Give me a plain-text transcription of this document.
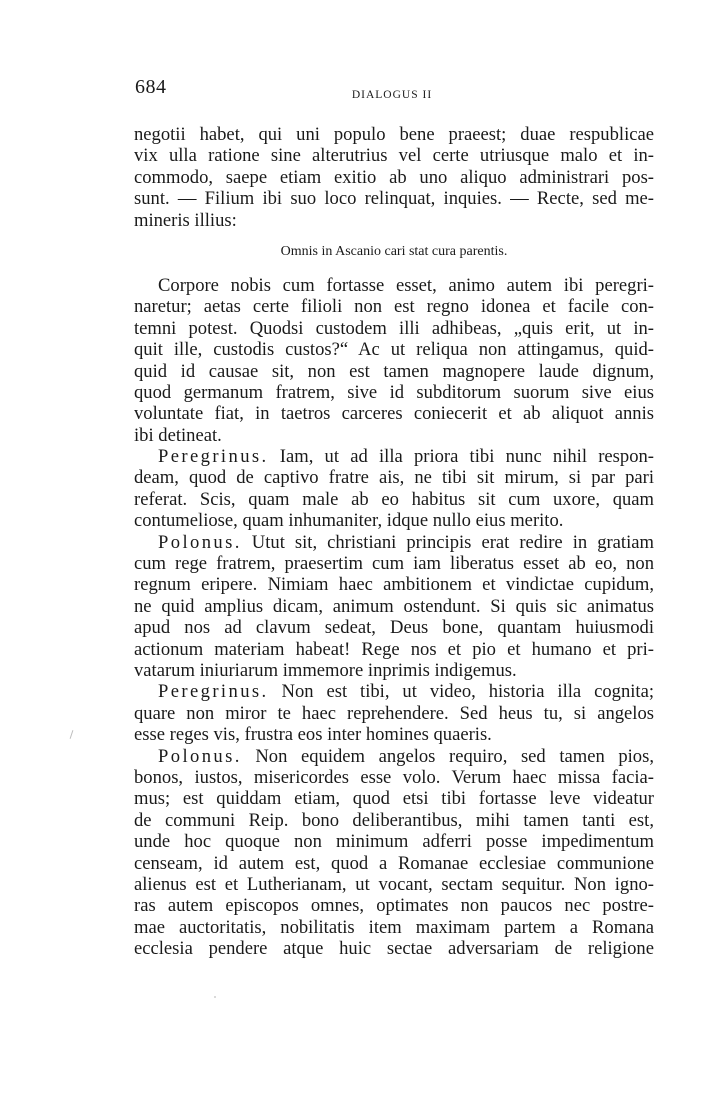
684	DIALOGUS II
negotii habet, qui uni populo bene praeest; duae respublicae
vix ulla ratione sine alterutrius vel certe utriusque malo et in-
commodo, saepe etiam exitio ab uno aliquo administrari pos-
sunt. — Filium ibi suo loco relinquat, inquies. — Recte, sed me-
mineris illius:
Omnis in Ascanio cari stat cura parentis.
Corpore nobis cum fortasse esset, animo autem ibi peregri-
naretur; aetas certe filioli non est regno idonea et facile con-
temni potest. Quodsi custodem illi adhibeas, „quis erit, ut in-
quit ille, custodis custos?“ Ac ut reliqua non attingamus, quid-
quid id causae sit, non est tamen magnopere laude dignum,
quod germanum fratrem, sive id subditorum suorum sive eius
voluntate fiat, in taetros carceres coniecerit et ab aliquot annis
ibi detineat.
Peregrinus. Iam, ut ad illa priora tibi nunc nihil respon-
deam, quod de captivo fratre ais, ne tibi sit mirum, si par pari
referat. Scis, quam male ab eo habitus sit cum uxore, quam
contumeliose, quam inhumaniter, idque nullo eius merito.
Polonus. Utut sit, christiani principis erat redire in gratiam
cum rege fratrem, praesertim cum iam liberatus esset ab eo, non
regnum eripere. Nimiam haec ambitionem et vindictae cupidum,
ne quid amplius dicam, animum ostendunt. Si quis sic animatus
apud nos ad clavum sedeat, Deus bone, quantam huiusmodi
actionum materiam habeat! Rege nos et pio et humano et pri-
vatarum iniuriarum immemore inprimis indigemus.
Peregrinus. Non est tibi, ut video, historia illa cognita;
quare non miror te haec reprehendere. Sed heus tu, si angelos
esse reges vis, frustra eos inter homines quaeris.
Polonus. Non equidem angelos requiro, sed tamen pios,
bonos, iustos, misericordes esse volo. Verum haec missa facia-
mus; est quiddam etiam, quod etsi tibi fortasse leve videatur
de communi Reip. bono deliberantibus, mihi tamen tanti est,
unde hoc quoque non minimum adferri posse impedimentum
censeam, id autem est, quod a Romanae ecclesiae communione
alienus est et Lutherianam, ut vocant, sectam sequitur. Non igno-
ras autem episcopos omnes, optimates non paucos nec postre-
mae auctoritatis, nobilitatis item maximam partem a Romana
ecclesia pendere atque huic sectae adversariam de religione
